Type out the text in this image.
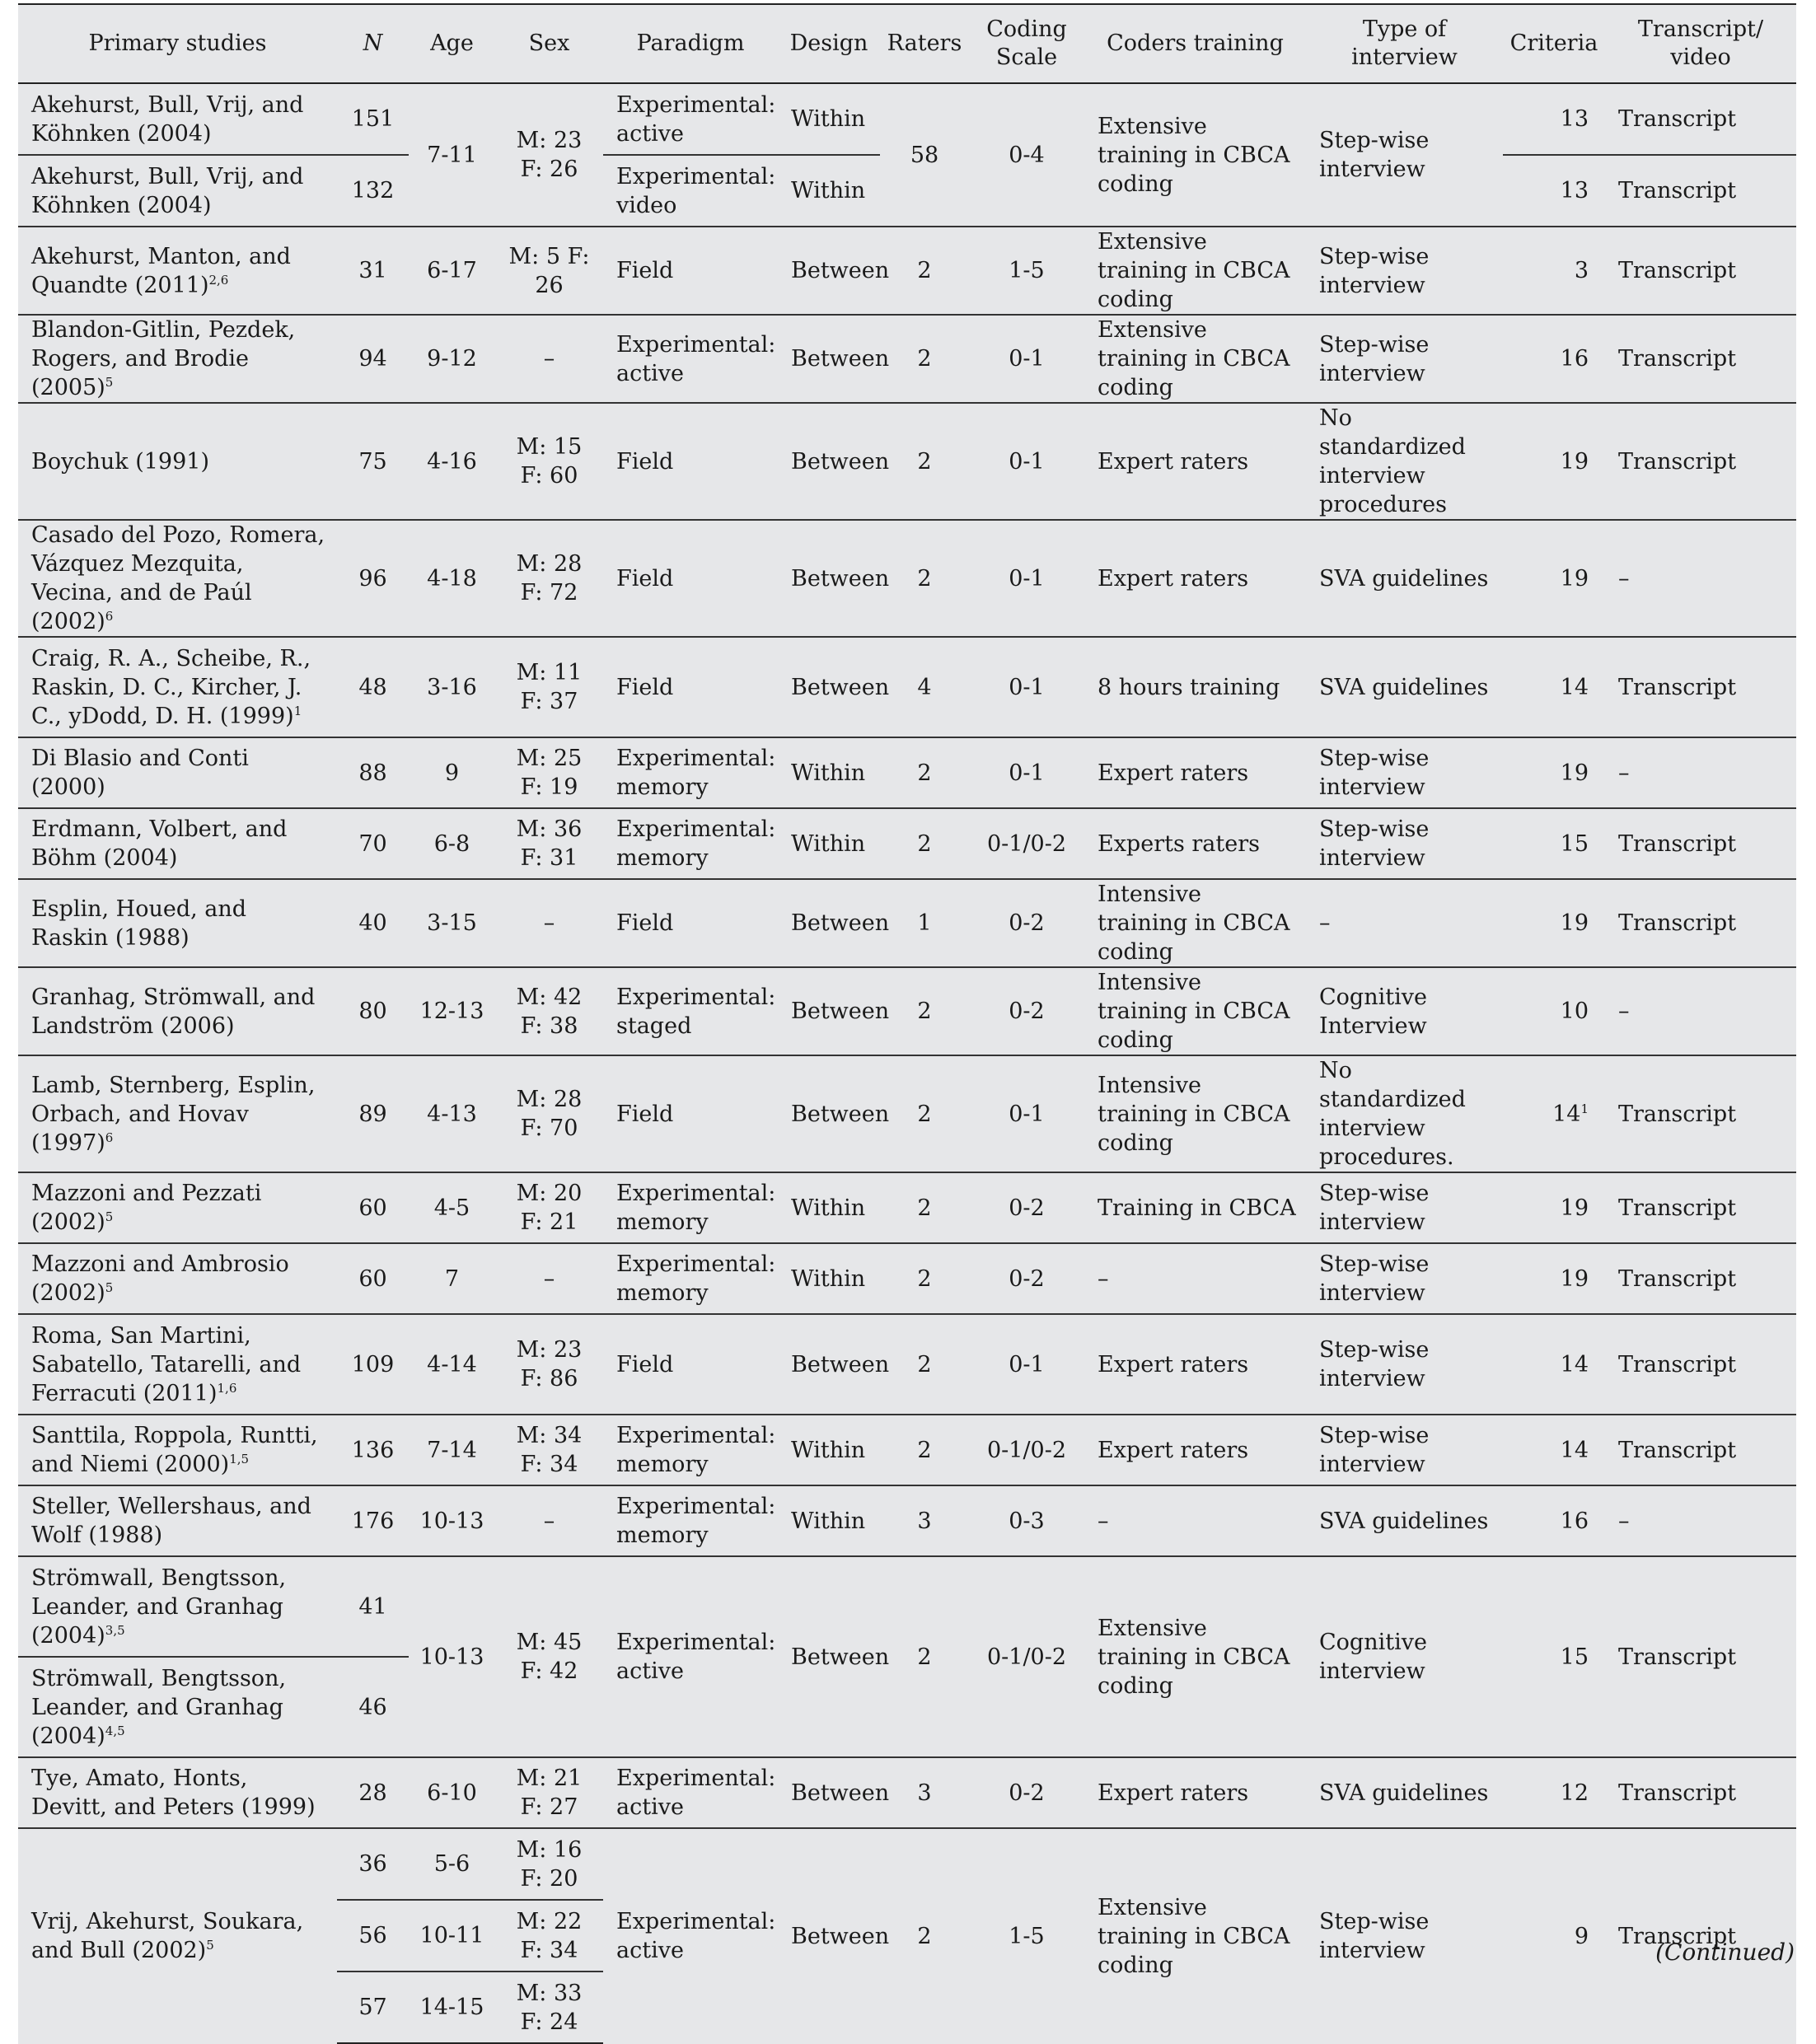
Primary studies	N	Age	Sex	Paradigm	Design	Raters	Coding Scale	Coders training	Type of interview	Criteria	Transcript/ video
Akehurst, Bull, Vrij, and Köhnken (2004)	151	7-11	M: 23 F: 26	Experimental: active	Within	58	0-4	Extensive training in CBCA coding	Step-wise interview	13	Transcript
Akehurst, Bull, Vrij, and Köhnken (2004)	132			Experimental: video	Within					13	Transcript
Akehurst, Manton, and Quandte $(2011)^{2,6}$	31	6-17	M: 5 F: 26	Field	Between	2	1-5	Extensive training in CBCA coding	Step-wise interview	3	Transcript
Blandon-Gitlin, Pezdek, Rogers, and Brodie $(2005)^5$	94	9-12	–	Experimental: active	Between	2	0-1	Extensive training in CBCA coding	Step-wise interview	16	Transcript
Boychuk (1991)	75	4-16	M: 15 F: 60	Field	Between	2	0-1	Expert raters	No standardized interview procedures	19	Transcript
Casado del Pozo, Romera, Vázquez Mezquita, Vecina, and de Paúl $(2002)^6$	96	4-18	M: 28 F: 72	Field	Between	2	0-1	Expert raters	SVA guidelines	19	–
Craig, R. A., Scheibe, R., Raskin, D. C., Kircher, J. C., yDodd, D. H. $(1999)^1$	48	3-16	M: 11 F: 37	Field	Between	4	0-1	8 hours training	SVA guidelines	14	Transcript
Di Blasio and Conti (2000)	88	9	M: 25 F: 19	Experimental: memory	Within	2	0-1	Expert raters	Step-wise interview	19	–
Erdmann, Volbert, and Böhm (2004)	70	6-8	M: 36 F: 31	Experimental: memory	Within	2	0-1/0-2	Experts raters	Step-wise interview	15	Transcript
Esplin, Houed, and Raskin (1988)	40	3-15	–	Field	Between	1	0-2	Intensive training in CBCA coding	–	19	Transcript
Granhag, Strömwall, and Landström (2006)	80	12-13	M: 42 F: 38	Experimental: staged	Between	2	0-2	Intensive training in CBCA coding	Cognitive Interview	10	–
Lamb, Sternberg, Esplin, Orbach, and Hovav $(1997)^6$	89	4-13	M: 28 F: 70	Field	Between	2	0-1	Intensive training in CBCA coding	No standardized interview procedures.	$14^1$	Transcript
Mazzoni and Pezzati $(2002)^5$	60	4-5	M: 20 F: 21	Experimental: memory	Within	2	0-2	Training in CBCA	Step-wise interview	19	Transcript
Mazzoni and Ambrosio $(2002)^5$	60	7	–	Experimental: memory	Within	2	0-2	–	Step-wise interview	19	Transcript
Roma, San Martini, Sabatello, Tatarelli, and Ferracuti $(2011)^{1,6}$	109	4-14	M: 23 F: 86	Field	Between	2	0-1	Expert raters	Step-wise interview	14	Transcript
Santtila, Roppola, Runtti, and Niemi $(2000)^{1,5}$	136	7-14	M: 34 F: 34	Experimental: memory	Within	2	0-1/0-2	Expert raters	Step-wise interview	14	Transcript
Steller, Wellershaus, and Wolf (1988)	176	10-13	–	Experimental: memory	Within	3	0-3	–	SVA guidelines	16	–
Strömwall, Bengtsson, Leander, and Granhag $(2004)^{3,5}$	41	10-13	M: 45 F: 42	Experimental: active	Between	2	0-1/0-2	Extensive training in CBCA coding	Cognitive interview	15	Transcript
Strömwall, Bengtsson, Leander, and Granhag $(2004)^{4,5}$	46										
Tye, Amato, Honts, Devitt, and Peters (1999)	28	6-10	M: 21 F: 27	Experimental: active	Between	3	0-2	Expert raters	SVA guidelines	12	Transcript
Vrij, Akehurst, Soukara, and Bull $(2002)^5$	36	5-6	M: 16 F: 20	Experimental: active	Between	2	1-5	Extensive training in CBCA coding	Step-wise interview	9	Transcript
	56	10-11	M: 22 F: 34								
	57	14-15	M: 33 F: 24								
(Continued)
